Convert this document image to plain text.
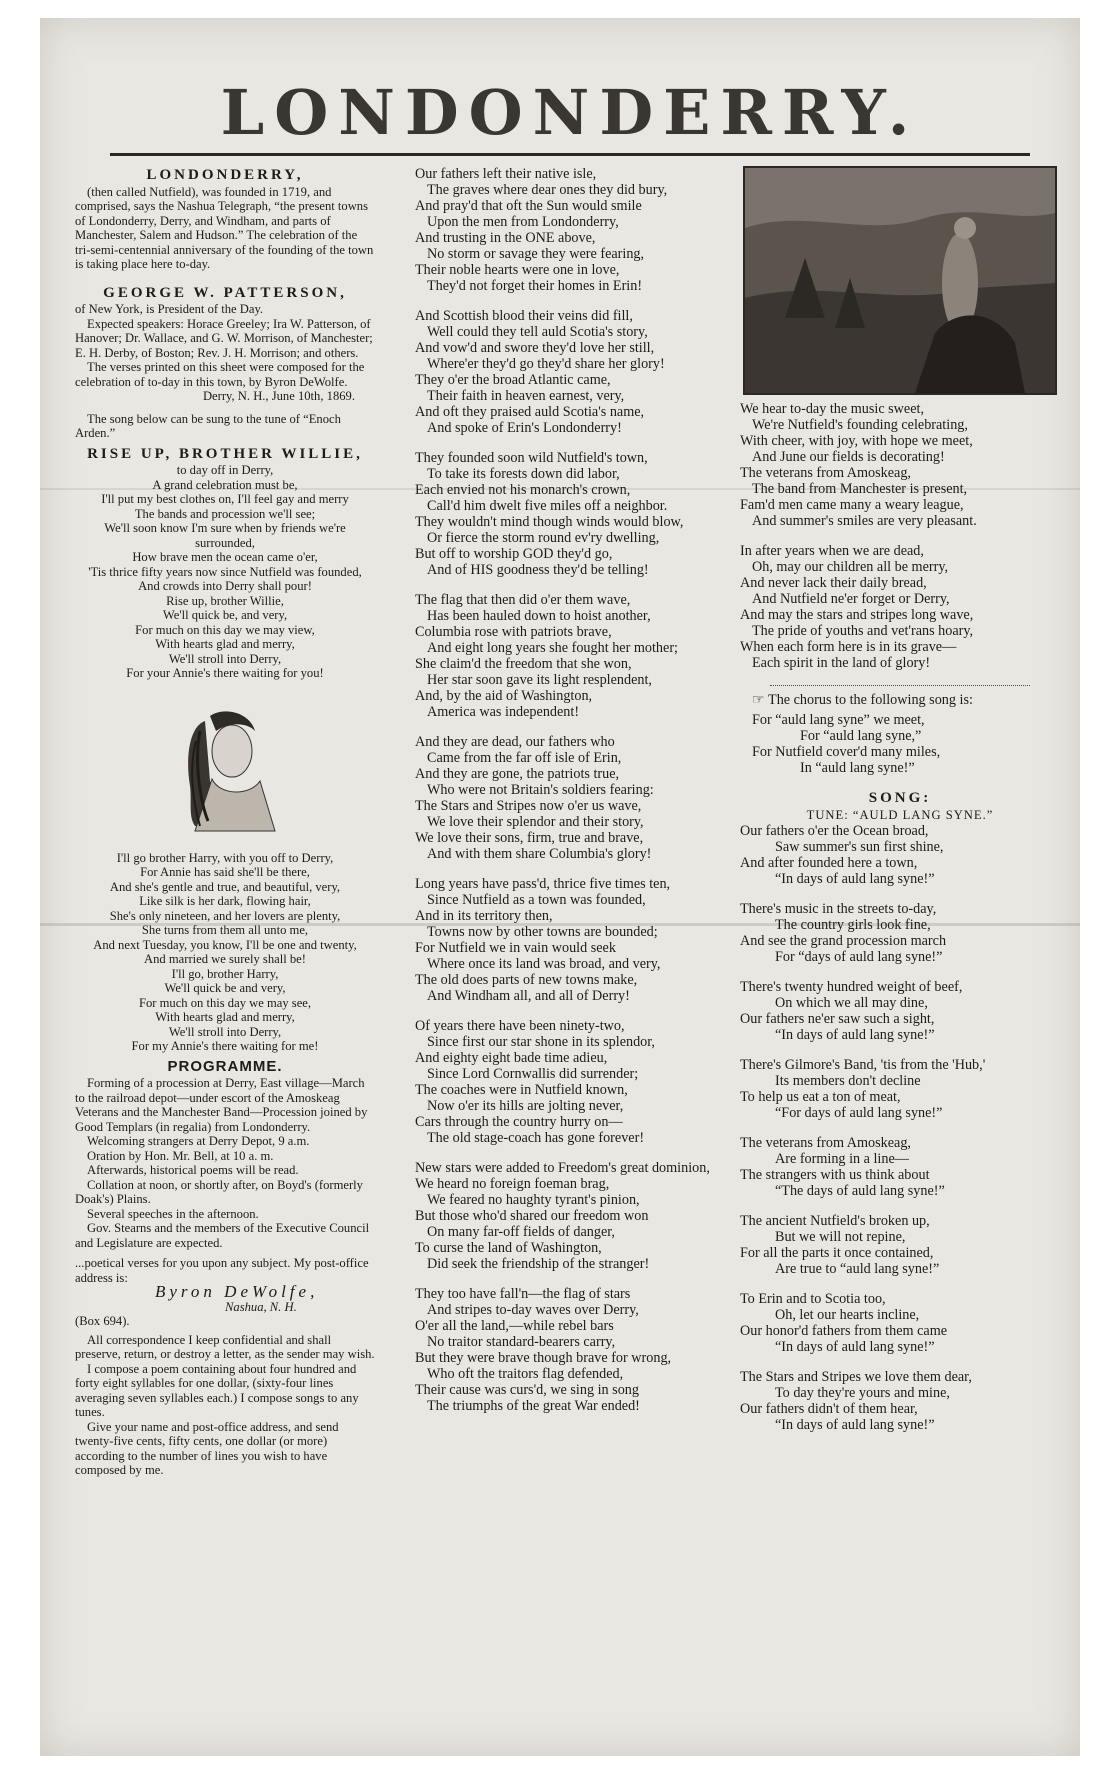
LONDONDERRY.
LONDONDERRY,
(then called Nutfield), was founded in 1719, and comprised, says the Nashua Telegraph, “the present towns of Londonderry, Derry, and Windham, and parts of Manchester, Salem and Hudson.” The celebration of the tri-semi-centennial anniversary of the founding of the town is taking place here to-day.
GEORGE W. PATTERSON,
of New York, is President of the Day.
Expected speakers: Horace Greeley; Ira W. Patterson, of Hanover; Dr. Wallace, and G. W. Morrison, of Manchester; E. H. Derby, of Boston; Rev. J. H. Morrison; and others.
The verses printed on this sheet were composed for the celebration of to-day in this town, by Byron DeWolfe.
Derry, N. H., June 10th, 1869.
The song below can be sung to the tune of “Enoch Arden.”
RISE UP, BROTHER WILLIE,

to day off in Derry,

A grand celebration must be,

I'll put my best clothes on, I'll feel gay and merry

The bands and procession we'll see;

We'll soon know I'm sure when by friends we're surrounded,

How brave men the ocean came o'er,

'Tis thrice fifty years now since Nutfield was founded,

And crowds into Derry shall pour!

Rise up, brother Willie,

We'll quick be, and very,

For much on this day we may view,

With hearts glad and merry,

We'll stroll into Derry,

For your Annie's there waiting for you!

I'll go brother Harry, with you off to Derry,

For Annie has said she'll be there,

And she's gentle and true, and beautiful, very,

Like silk is her dark, flowing hair,

She's only nineteen, and her lovers are plenty,

She turns from them all unto me,

And next Tuesday, you know, I'll be one and twenty,

And married we surely shall be!

I'll go, brother Harry,

We'll quick be and very,

For much on this day we may see,

With hearts glad and merry,

We'll stroll into Derry,

For my Annie's there waiting for me!

PROGRAMME.
Forming of a procession at Derry, East village—March to the railroad depot—under escort of the Amoskeag Veterans and the Manchester Band—Procession joined by Good Templars (in regalia) from Londonderry.
Welcoming strangers at Derry Depot, 9 a.m.
Oration by Hon. Mr. Bell, at 10 a. m.
Afterwards, historical poems will be read.
Collation at noon, or shortly after, on Boyd's (formerly Doak's) Plains.
Several speeches in the afternoon.
Gov. Stearns and the members of the Executive Council and Legislature are expected.
...poetical verses for you upon any subject. My post-office address is:
Byron DeWolfe,
Nashua, N. H.
(Box 694).
All correspondence I keep confidential and shall preserve, return, or destroy a letter, as the sender may wish.
I compose a poem containing about four hundred and forty eight syllables for one dollar, (sixty-four lines averaging seven syllables each.) I compose songs to any tunes.
Give your name and post-office address, and send twenty-five cents, fifty cents, one dollar (or more) according to the number of lines you wish to have composed by me.

Our fathers left their native isle,

The graves where dear ones they did bury,

And pray'd that oft the Sun would smile

Upon the men from Londonderry,

And trusting in the ONE above,

No storm or savage they were fearing,

Their noble hearts were one in love,

They'd not forget their homes in Erin!

And Scottish blood their veins did fill,

Well could they tell auld Scotia's story,

And vow'd and swore they'd love her still,

Where'er they'd go they'd share her glory!

They o'er the broad Atlantic came,

Their faith in heaven earnest, very,

And oft they praised auld Scotia's name,

And spoke of Erin's Londonderry!

They founded soon wild Nutfield's town,

To take its forests down did labor,

Each envied not his monarch's crown,

Call'd him dwelt five miles off a neighbor.

They wouldn't mind though winds would blow,

Or fierce the storm round ev'ry dwelling,

But off to worship GOD they'd go,

And of HIS goodness they'd be telling!

The flag that then did o'er them wave,

Has been hauled down to hoist another,

Columbia rose with patriots brave,

And eight long years she fought her mother;

She claim'd the freedom that she won,

Her star soon gave its light resplendent,

And, by the aid of Washington,

America was independent!

And they are dead, our fathers who

Came from the far off isle of Erin,

And they are gone, the patriots true,

Who were not Britain's soldiers fearing:

The Stars and Stripes now o'er us wave,

We love their splendor and their story,

We love their sons, firm, true and brave,

And with them share Columbia's glory!

Long years have pass'd, thrice five times ten,

Since Nutfield as a town was founded,

And in its territory then,

Towns now by other towns are bounded;

For Nutfield we in vain would seek

Where once its land was broad, and very,

The old does parts of new towns make,

And Windham all, and all of Derry!

Of years there have been ninety-two,

Since first our star shone in its splendor,

And eighty eight bade time adieu,

Since Lord Cornwallis did surrender;

The coaches were in Nutfield known,

Now o'er its hills are jolting never,

Cars through the country hurry on—

The old stage-coach has gone forever!

New stars were added to Freedom's great dominion,

We heard no foreign foeman brag,

We feared no haughty tyrant's pinion,

But those who'd shared our freedom won

On many far-off fields of danger,

To curse the land of Washington,

Did seek the friendship of the stranger!

They too have fall'n—the flag of stars

And stripes to-day waves over Derry,

O'er all the land,—while rebel bars

No traitor standard-bearers carry,

But they were brave though brave for wrong,

Who oft the traitors flag defended,

Their cause was curs'd, we sing in song

The triumphs of the great War ended!

We hear to-day the music sweet,

We're Nutfield's founding celebrating,

With cheer, with joy, with hope we meet,

And June our fields is decorating!

The veterans from Amoskeag,

The band from Manchester is present,

Fam'd men came many a weary league,

And summer's smiles are very pleasant.

In after years when we are dead,

Oh, may our children all be merry,

And never lack their daily bread,

And Nutfield ne'er forget or Derry,

And may the stars and stripes long wave,

The pride of youths and vet'rans hoary,

When each form here is in its grave—

Each spirit in the land of glory!

☞ The chorus to the following song is:

For “auld lang syne” we meet,

For “auld lang syne,”

For Nutfield cover'd many miles,

In “auld lang syne!”

SONG:
TUNE: “AULD LANG SYNE.”

Our fathers o'er the Ocean broad,

Saw summer's sun first shine,

And after founded here a town,

“In days of auld lang syne!”

There's music in the streets to-day,

The country girls look fine,

And see the grand procession march

For “days of auld lang syne!”

There's twenty hundred weight of beef,

On which we all may dine,

Our fathers ne'er saw such a sight,

“In days of auld lang syne!”

There's Gilmore's Band, 'tis from the 'Hub,'

Its members don't decline

To help us eat a ton of meat,

“For days of auld lang syne!”

The veterans from Amoskeag,

Are forming in a line—

The strangers with us think about

“The days of auld lang syne!”

The ancient Nutfield's broken up,

But we will not repine,

For all the parts it once contained,

Are true to “auld lang syne!”

To Erin and to Scotia too,

Oh, let our hearts incline,

Our honor'd fathers from them came

“In days of auld lang syne!”

The Stars and Stripes we love them dear,

To day they're yours and mine,

Our fathers didn't of them hear,

“In days of auld lang syne!”
